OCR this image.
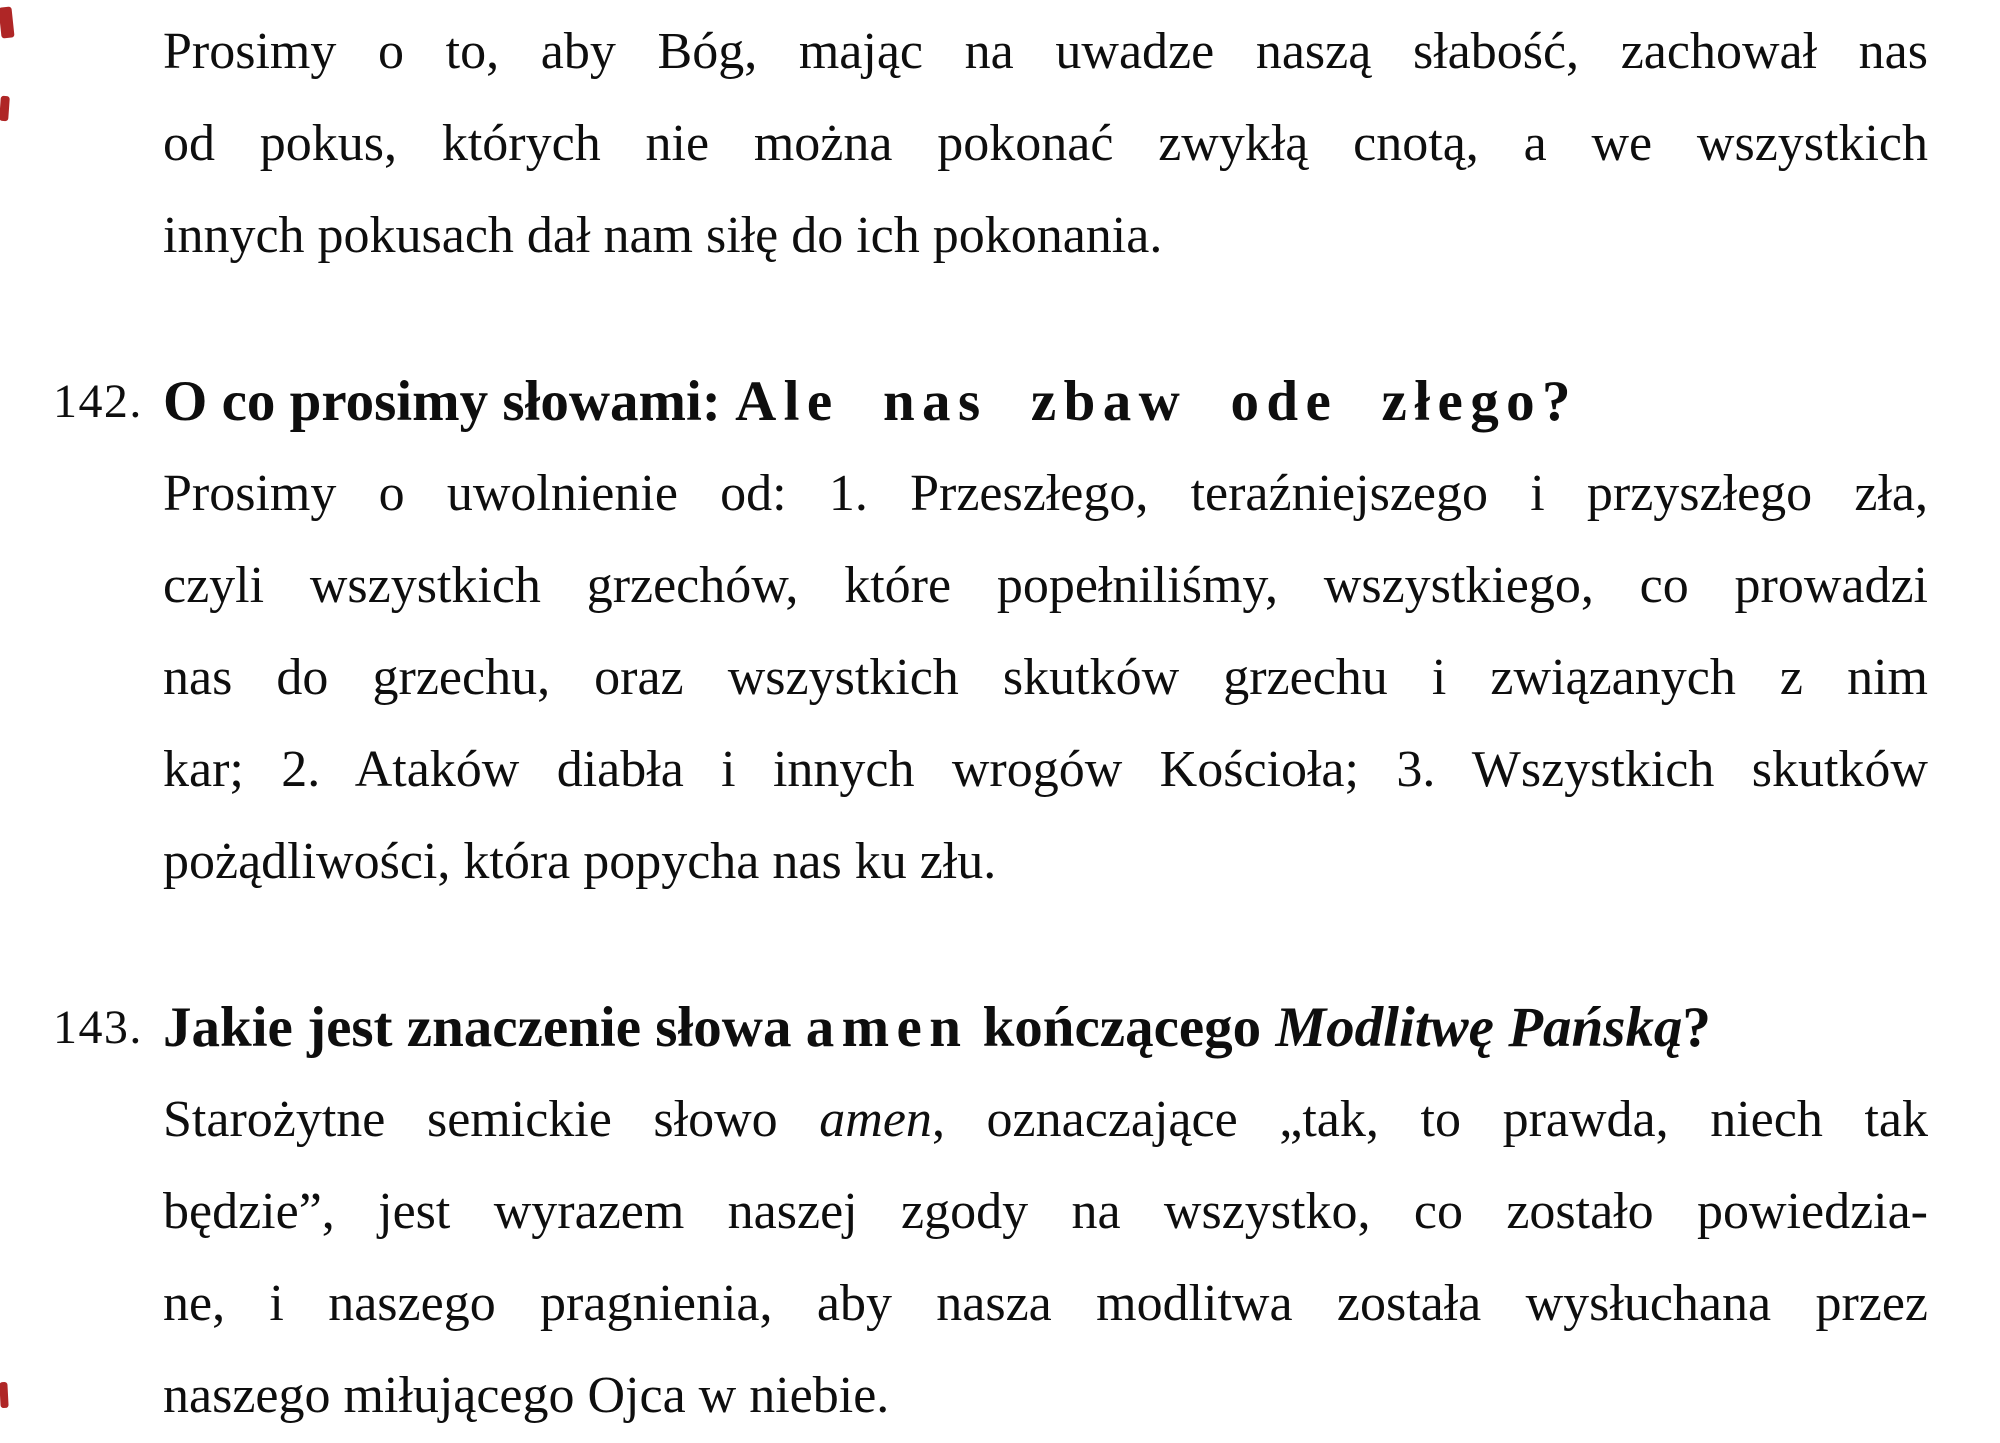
Prosimy o to, aby Bóg, mając na uwadze naszą słabość, zachował nas
od pokus, których nie można pokonać zwykłą cnotą, a we wszystkich
innych pokusach dał nam siłę do ich pokonania.
142. O co prosimy słowami: Ale nas zbaw ode złego?
Prosimy o uwolnienie od: 1. Przeszłego, teraźniejszego i przyszłego zła,
czyli wszystkich grzechów, które popełniliśmy, wszystkiego, co prowadzi
nas do grzechu, oraz wszystkich skutków grzechu i związanych z nim
kar; 2. Ataków diabła i innych wrogów Kościoła; 3. Wszystkich skutków
pożądliwości, która popycha nas ku złu.
143. Jakie jest znaczenie słowa amen kończącego Modlitwę Pańską?
Starożytne semickie słowo amen, oznaczające „tak, to prawda, niech tak
będzie”, jest wyrazem naszej zgody na wszystko, co zostało powiedzia-
ne, i naszego pragnienia, aby nasza modlitwa została wysłuchana przez
naszego miłującego Ojca w niebie.
